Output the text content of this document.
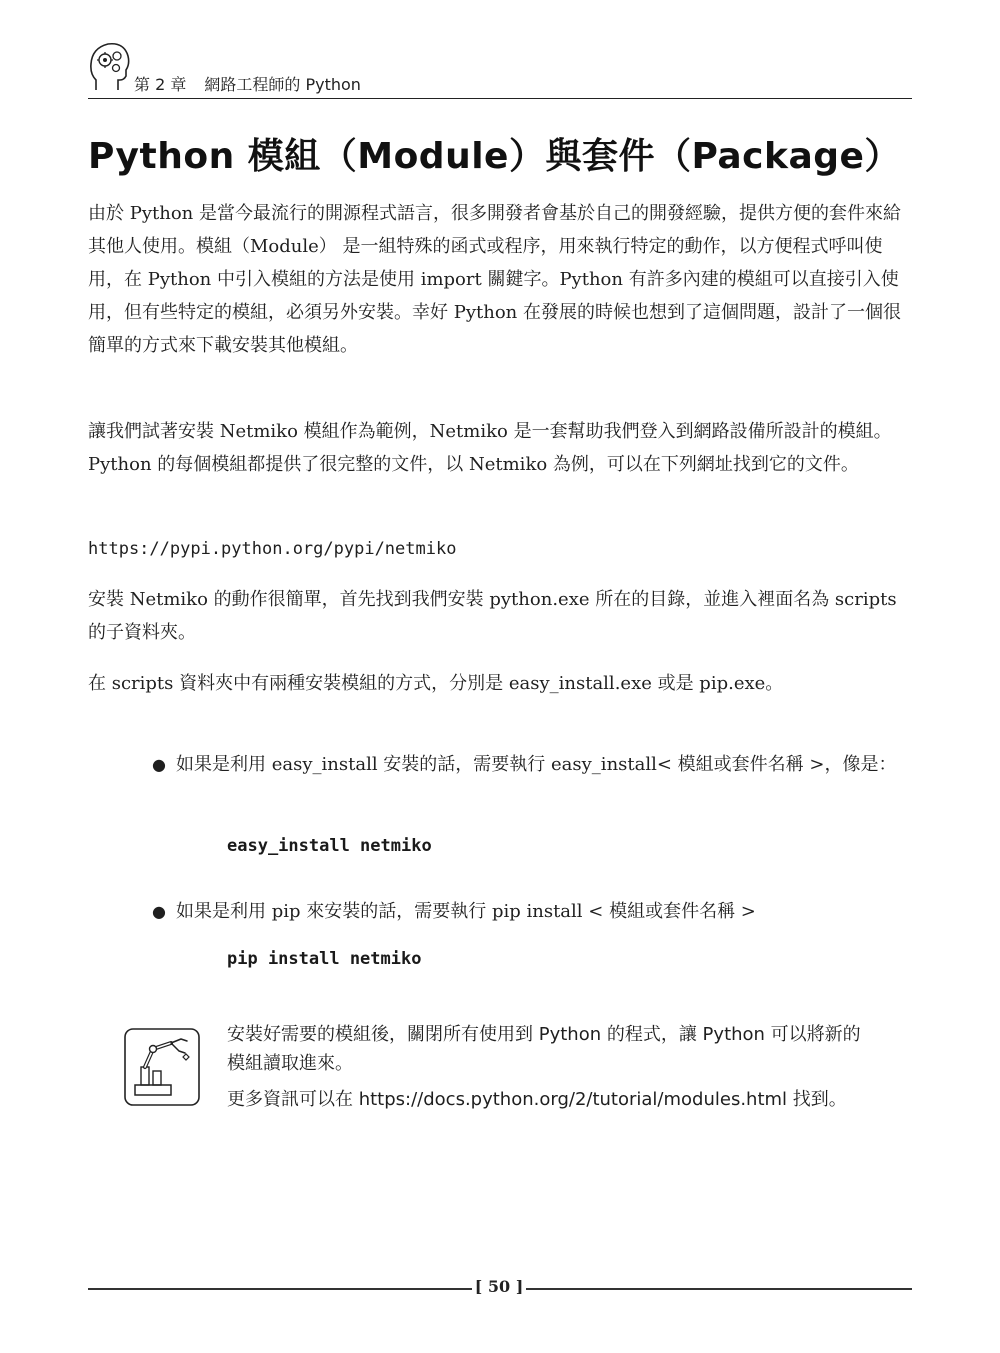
第 2 章 網路工程師的 Python
Python 模組（Module）與套件（Package）

由於 Python 是當今最流行的開源程式語言，很多開發者會基於自己的開發經驗，提供方便的套件來給其他人使用。模組（Module） 是一組特殊的函式或程序，用來執行特定的動作，以方便程式呼叫使用，在 Python 中引入模組的方法是使用 import 關鍵字。Python 有許多內建的模組可以直接引入使用，但有些特定的模組，必須另外安裝。幸好 Python 在發展的時候也想到了這個問題，設計了一個很簡單的方式來下載安裝其他模組。

讓我們試著安裝 Netmiko 模組作為範例，Netmiko 是一套幫助我們登入到網路設備所設計的模組。Python 的每個模組都提供了很完整的文件，以 Netmiko 為例，可以在下列網址找到它的文件。

https://pypi.python.org/pypi/netmiko

安裝 Netmiko 的動作很簡單，首先找到我們安裝 python.exe 所在的目錄，並進入裡面名為 scripts 的子資料夾。

在 scripts 資料夾中有兩種安裝模組的方式，分別是 easy_install.exe 或是 pip.exe。

● 如果是利用 easy_install 安裝的話，需要執行 easy_install< 模組或套件名稱 >，像是：
easy_install netmiko
● 如果是利用 pip 來安裝的話，需要執行 pip install < 模組或套件名稱 >
pip install netmiko

安裝好需要的模組後，關閉所有使用到 Python 的程式，讓 Python 可以將新的模組讀取進來。

更多資訊可以在 https://docs.python.org/2/tutorial/modules.html 找到。

[ 50 ]
